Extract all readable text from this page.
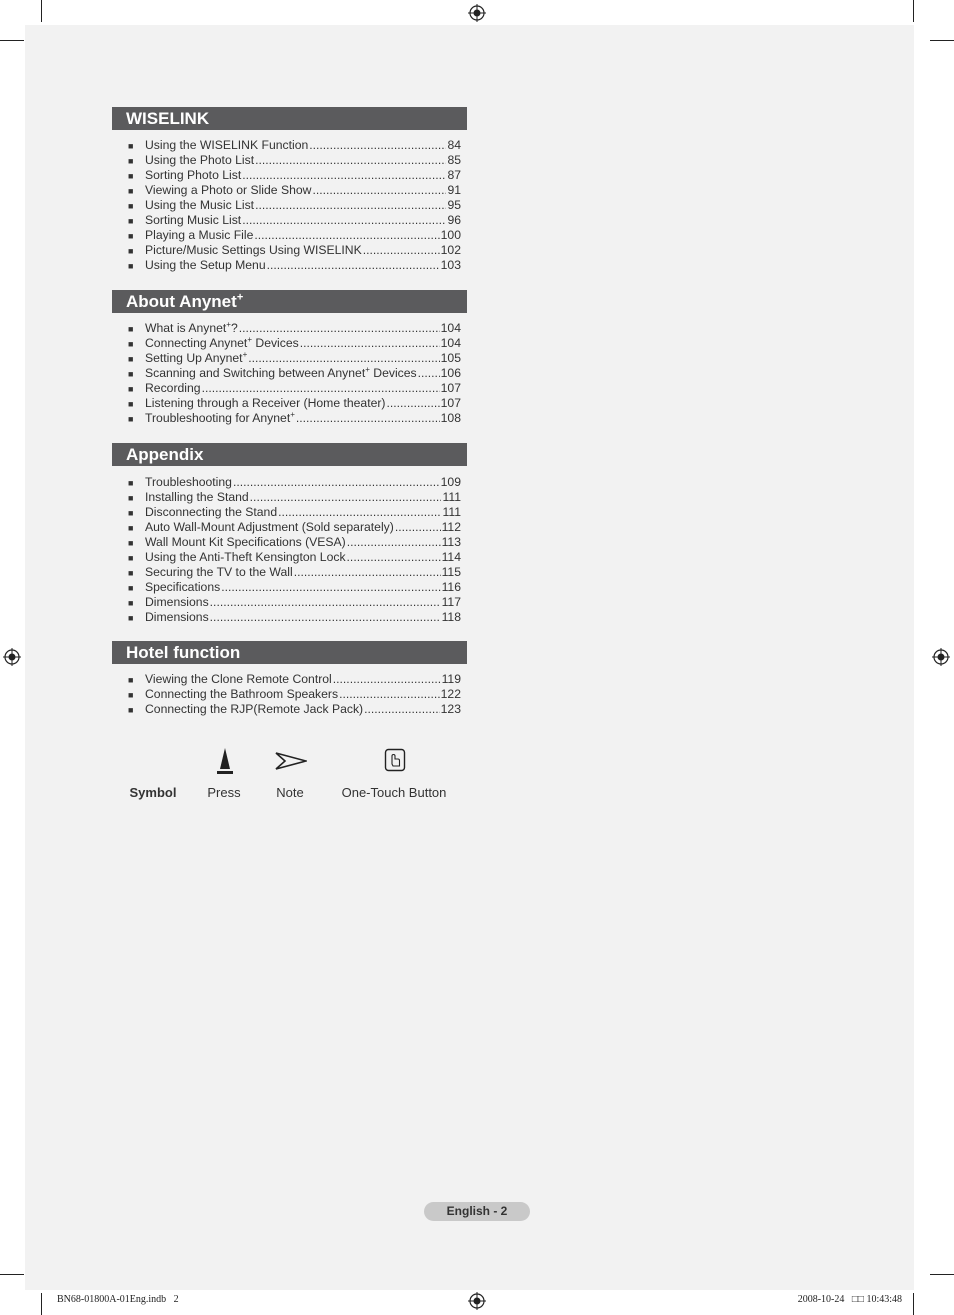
WISELINK
■ Using the WISELINK Function .....	84
■ Using the Photo List .....	85
■ Sorting Photo List .....	87
■ Viewing a Photo or Slide Show .....	91
■ Using the Music List .....	95
■ Sorting Music List .....	96
■ Playing a Music File .....	100
■ Picture/Music Settings Using WISELINK .....	102
■ Using the Setup Menu .....	103
About Anynet+
■ What is Anynet+? .....	104
■ Connecting Anynet+ Devices .....	104
■ Setting Up Anynet+ .....	105
■ Scanning and Switching between Anynet+ Devices ..... 106
■ Recording .....	107
■ Listening through a Receiver (Home theater) .....	107
■ Troubleshooting for Anynet+ .....	108
Appendix
■ Troubleshooting .....	109
■ Installing the Stand .....	111
■ Disconnecting the Stand .....	111
■ Auto Wall-Mount Adjustment (Sold separately) .....	112
■ Wall Mount Kit Specifications (VESA) .....	113
■ Using the Anti-Theft Kensington Lock .....	114
■ Securing the TV to the Wall .....	115
■ Specifications .....	116
■ Dimensions .....	117
■ Dimensions .....	118
Hotel function
■ Viewing the Clone Remote Control .....	119
■ Connecting the Bathroom Speakers .....	122
■ Connecting the RJP(Remote Jack Pack) .....	123
Symbol Press	Note	One-Touch Button
English - 2
BN68-01800A-01Eng.indb   2	2008-10-24   □□ 10:43:48
